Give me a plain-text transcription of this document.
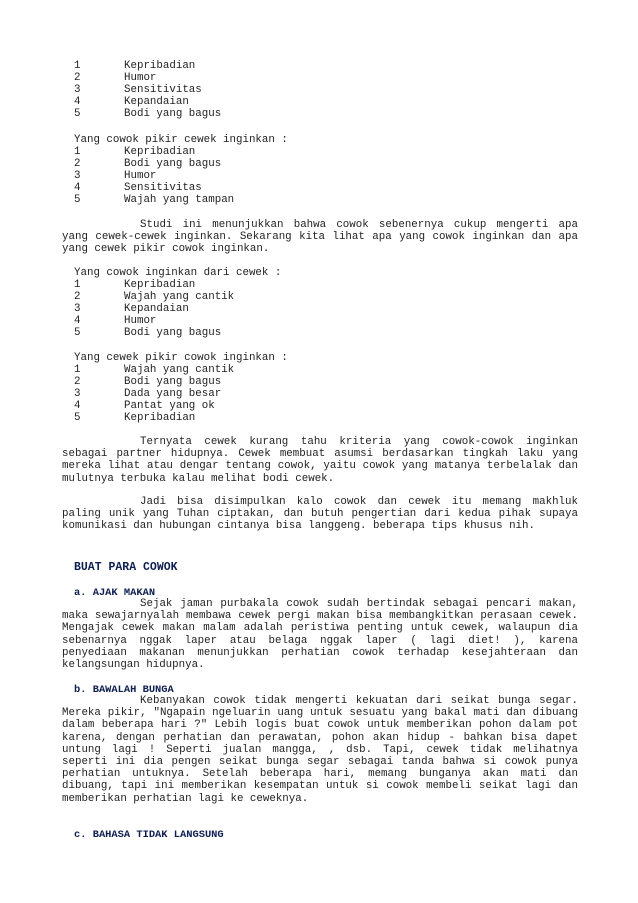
1	Kepribadian
2	Humor
3	Sensitivitas
4	Kepandaian
5	Bodi yang bagus
Yang cowok pikir cewek inginkan :
1	Kepribadian
2	Bodi yang bagus
3	Humor
4	Sensitivitas
5	Wajah yang tampan
Studi ini menunjukkan bahwa cowok sebenernya cukup mengerti apa yang cewek-cewek inginkan. Sekarang kita lihat apa yang cowok inginkan dan apa yang cewek pikir cowok inginkan.
Yang cowok inginkan dari cewek :
1	Kepribadian
2	Wajah yang cantik
3	Kepandaian
4	Humor
5	Bodi yang bagus
Yang cewek pikir cowok inginkan :
1	Wajah yang cantik
2	Bodi yang bagus
3	Dada yang besar
4	Pantat yang ok
5	Kepribadian
Ternyata cewek kurang tahu kriteria yang cowok-cowok inginkan sebagai partner hidupnya. Cewek membuat asumsi berdasarkan tingkah laku yang mereka lihat atau dengar tentang cowok, yaitu cowok yang matanya terbelalak dan mulutnya terbuka kalau melihat bodi cewek.
Jadi bisa disimpulkan kalo cowok dan cewek itu memang makhluk paling unik yang Tuhan ciptakan, dan butuh pengertian dari kedua pihak supaya komunikasi dan hubungan cintanya bisa langgeng. beberapa tips khusus nih.
BUAT PARA COWOK
a. AJAK MAKAN
Sejak jaman purbakala cowok sudah bertindak sebagai pencari makan, maka sewajarnyalah membawa cewek pergi makan bisa membangkitkan perasaan cewek. Mengajak cewek makan malam adalah peristiwa penting untuk cewek, walaupun dia sebenarnya nggak laper atau belaga nggak laper ( lagi diet! ), karena penyediaan makanan menunjukkan perhatian cowok terhadap kesejahteraan dan kelangsungan hidupnya.
b. BAWALAH BUNGA
Kebanyakan cowok tidak mengerti kekuatan dari seikat bunga segar. Mereka pikir, "Ngapain ngeluarin uang untuk sesuatu yang bakal mati dan dibuang dalam beberapa hari ?" Lebih logis buat cowok untuk memberikan pohon dalam pot karena, dengan perhatian dan perawatan, pohon akan hidup - bahkan bisa dapet untung lagi ! Seperti jualan mangga, , dsb. Tapi, cewek tidak melihatnya seperti ini dia pengen seikat bunga segar sebagai tanda bahwa si cowok punya perhatian untuknya. Setelah beberapa hari, memang bunganya akan mati dan dibuang, tapi ini memberikan kesempatan untuk si cowok membeli seikat lagi dan memberikan perhatian lagi ke ceweknya.
c. BAHASA TIDAK LANGSUNG
